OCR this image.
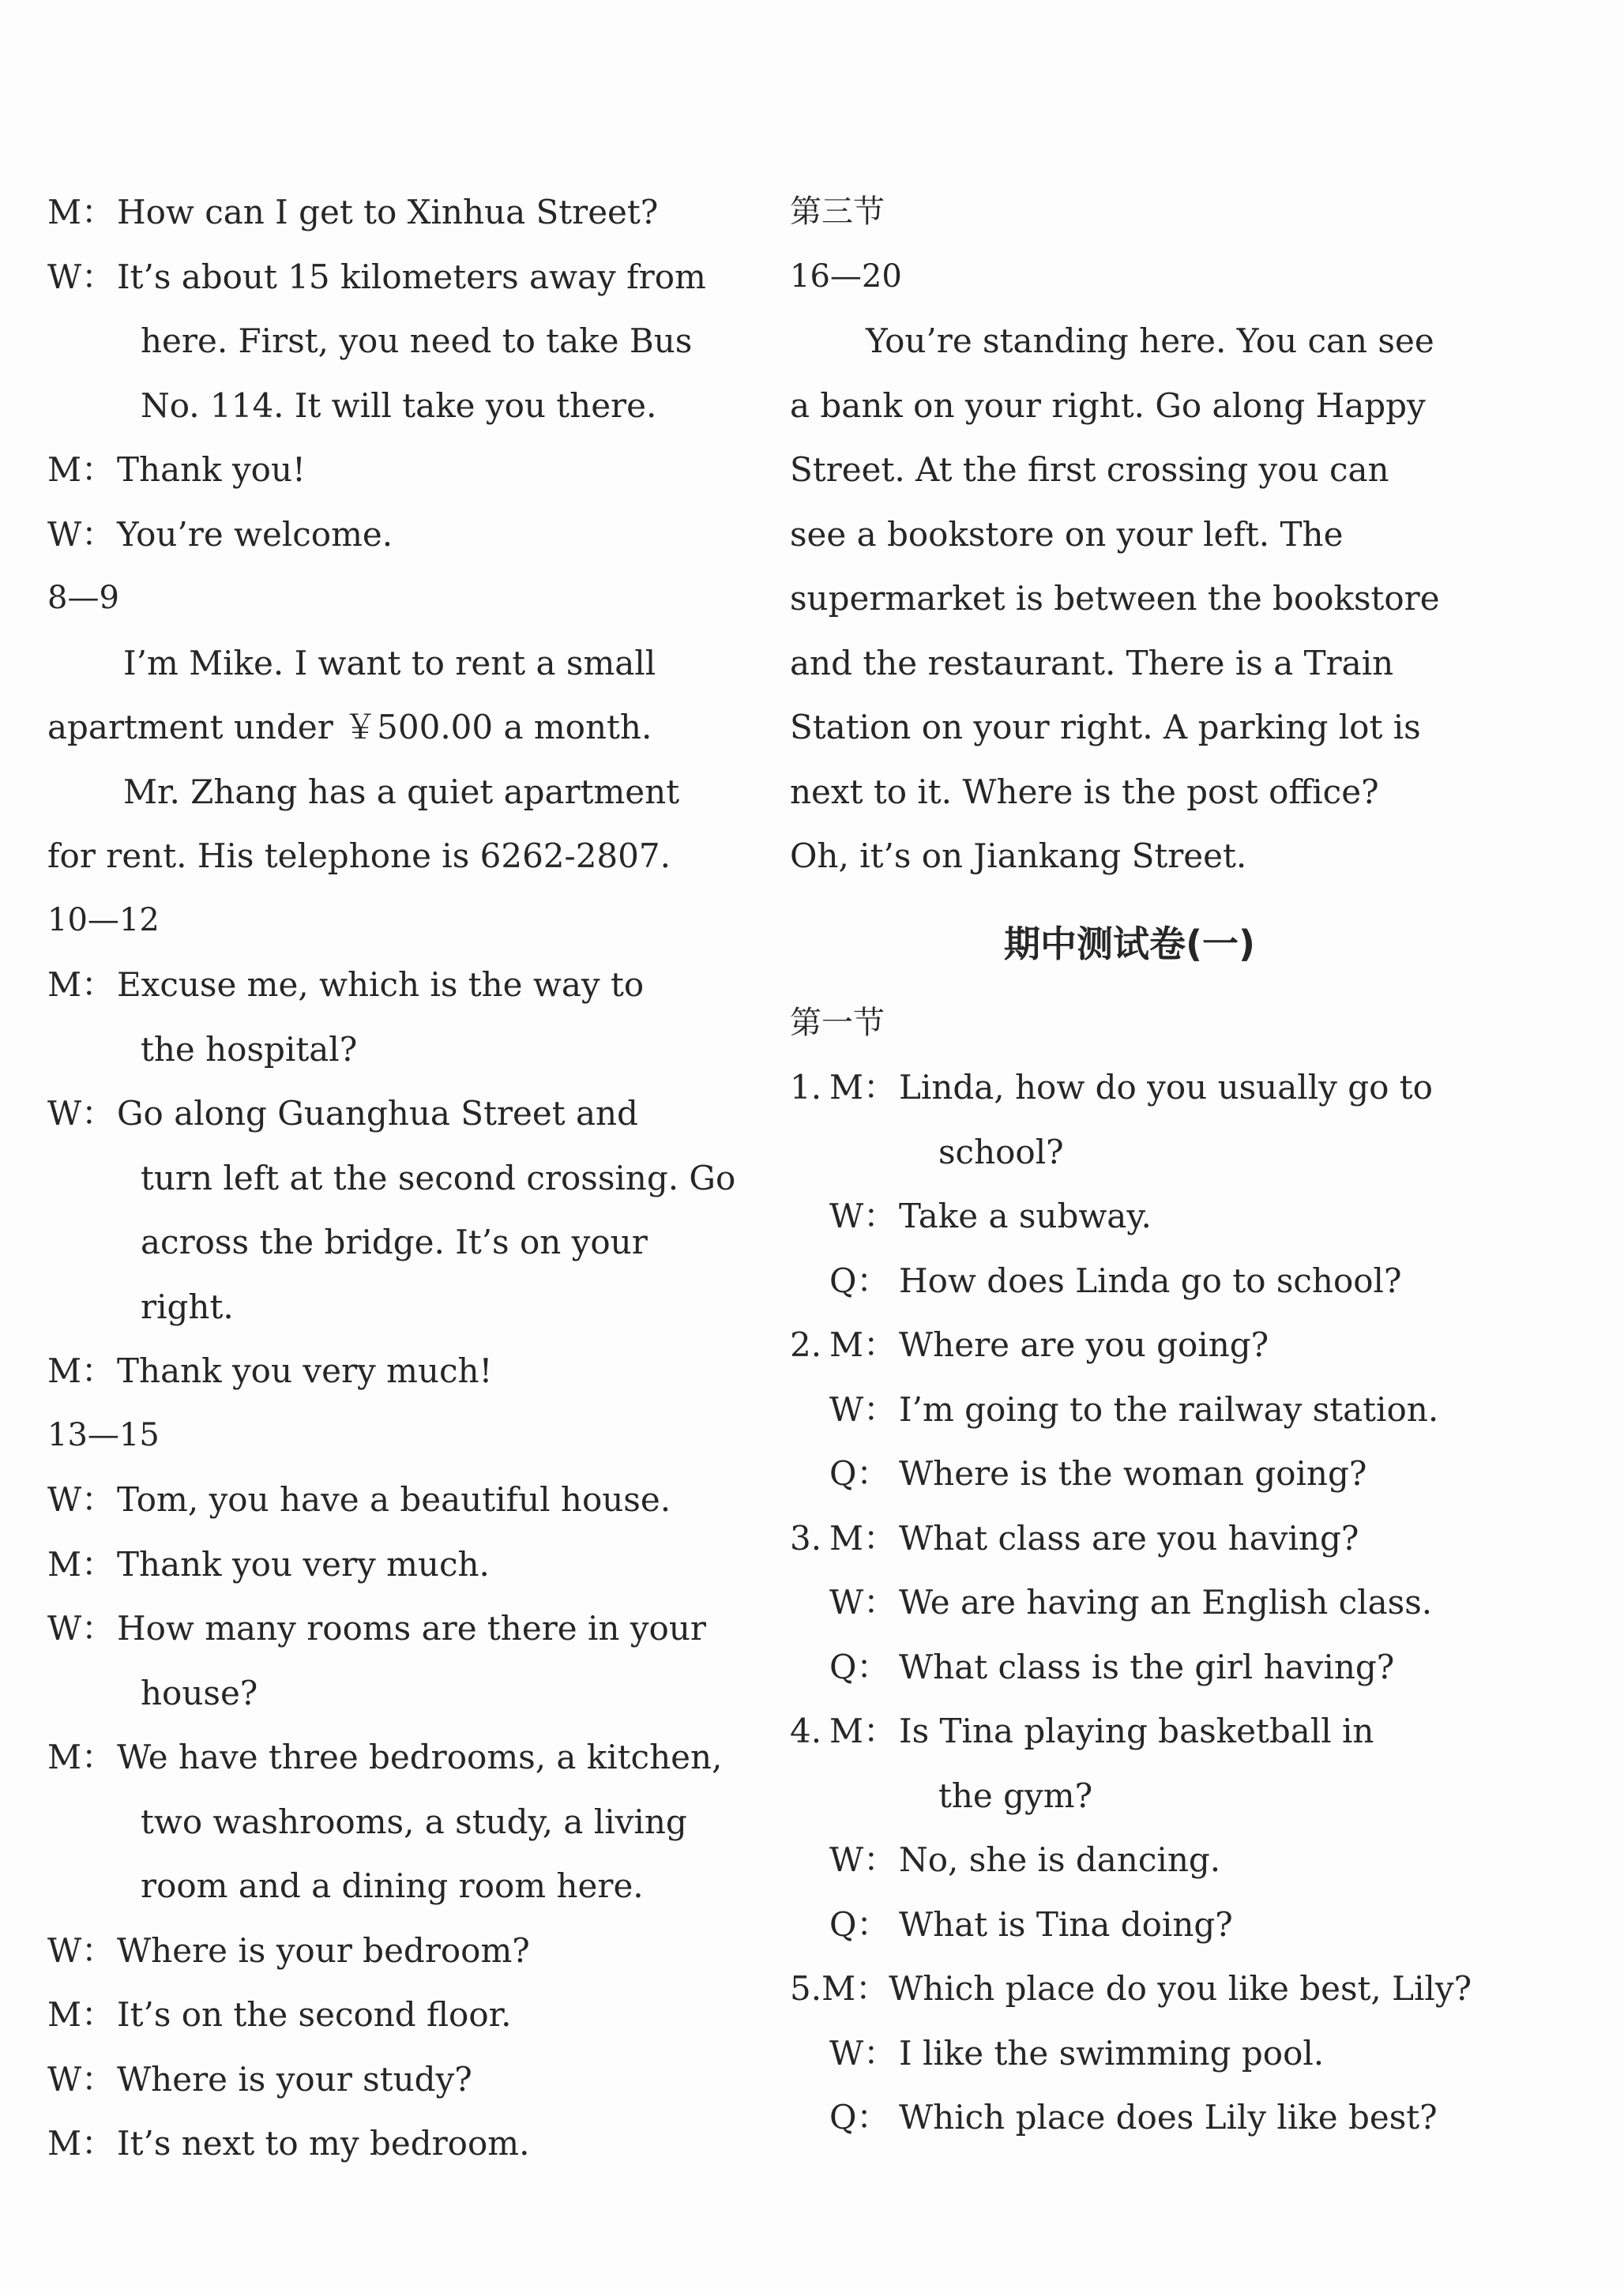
M： How can I get to Xinhua Street?
W： It’s about 15 kilometers away from
here. First, you need to take Bus
No. 114. It will take you there.
M： Thank you!
W： You’re welcome.
8—9
I’m Mike. I want to rent a small
apartment under ￥500.00 a month.
Mr. Zhang has a quiet apartment
for rent. His telephone is 6262-2807.
10—12
M： Excuse me, which is the way to
the hospital?
W： Go along Guanghua Street and
turn left at the second crossing. Go
across the bridge. It’s on your
right.
M： Thank you very much!
13—15
W： Tom, you have a beautiful house.
M： Thank you very much.
W： How many rooms are there in your
house?
M： We have three bedrooms, a kitchen,
two washrooms, a study, a living
room and a dining room here.
W： Where is your bedroom?
M： It’s on the second floor.
W： Where is your study?
M： It’s next to my bedroom.
第三节
16—20
You’re standing here. You can see
a bank on your right. Go along Happy
Street. At the first crossing you can
see a bookstore on your left. The
supermarket is between the bookstore
and the restaurant. There is a Train
Station on your right. A parking lot is
next to it. Where is the post office?
Oh, it’s on Jiankang Street.
期中测试卷(一)
第一节
1. M： Linda, how do you usually go to
school?
W： Take a subway.
Q： How does Linda go to school?
2. M： Where are you going?
W： I’m going to the railway station.
Q： Where is the woman going?
3. M： What class are you having?
W： We are having an English class.
Q： What class is the girl having?
4. M： Is Tina playing basketball in
the gym?
W： No, she is dancing.
Q： What is Tina doing?
5. M： Which place do you like best, Lily?
W： I like the swimming pool.
Q： Which place does Lily like best?
